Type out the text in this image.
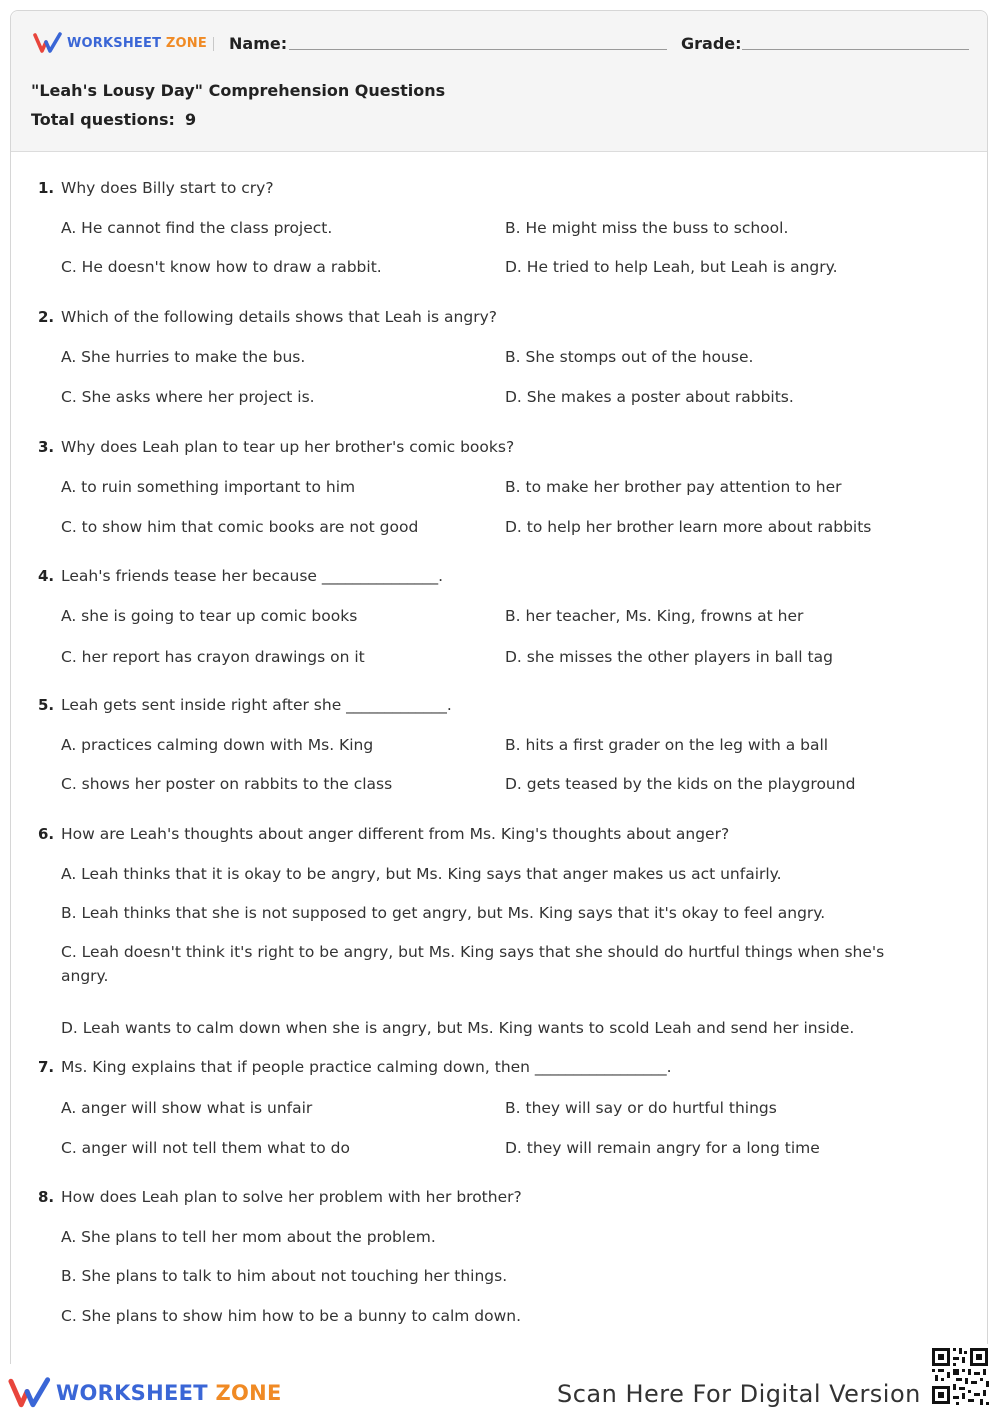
WORKSHEET ZONE Name:	Grade:
"Leah's Lousy Day" Comprehension Questions
Total questions: 9
1. Why does Billy start to cry?
A. He cannot find the class project.	B. He might miss the buss to school.
C. He doesn't know how to draw a rabbit.	D. He tried to help Leah, but Leah is angry.
2. Which of the following details shows that Leah is angry?
A. She hurries to make the bus.	B. She stomps out of the house.
C. She asks where her project is.	D. She makes a poster about rabbits.
3. Why does Leah plan to tear up her brother's comic books?
A. to ruin something important to him	B. to make her brother pay attention to her
C. to show him that comic books are not good	D. to help her brother learn more about rabbits
4. Leah's friends tease her because _______________.
A. she is going to tear up comic books	B. her teacher, Ms. King, frowns at her
C. her report has crayon drawings on it	D. she misses the other players in ball tag
5. Leah gets sent inside right after she _____________.
A. practices calming down with Ms. King	B. hits a first grader on the leg with a ball
C. shows her poster on rabbits to the class	D. gets teased by the kids on the playground
6. How are Leah's thoughts about anger different from Ms. King's thoughts about anger?
A. Leah thinks that it is okay to be angry, but Ms. King says that anger makes us act unfairly.
B. Leah thinks that she is not supposed to get angry, but Ms. King says that it's okay to feel angry.
C. Leah doesn't think it's right to be angry, but Ms. King says that she should do hurtful things when she's angry.
D. Leah wants to calm down when she is angry, but Ms. King wants to scold Leah and send her inside.
7. Ms. King explains that if people practice calming down, then _________________.
A. anger will show what is unfair	B. they will say or do hurtful things
C. anger will not tell them what to do	D. they will remain angry for a long time
8. How does Leah plan to solve her problem with her brother?
A. She plans to tell her mom about the problem.
B. She plans to talk to him about not touching her things.
C. She plans to show him how to be a bunny to calm down.
WORKSHEET ZONE	Scan Here For Digital Version
